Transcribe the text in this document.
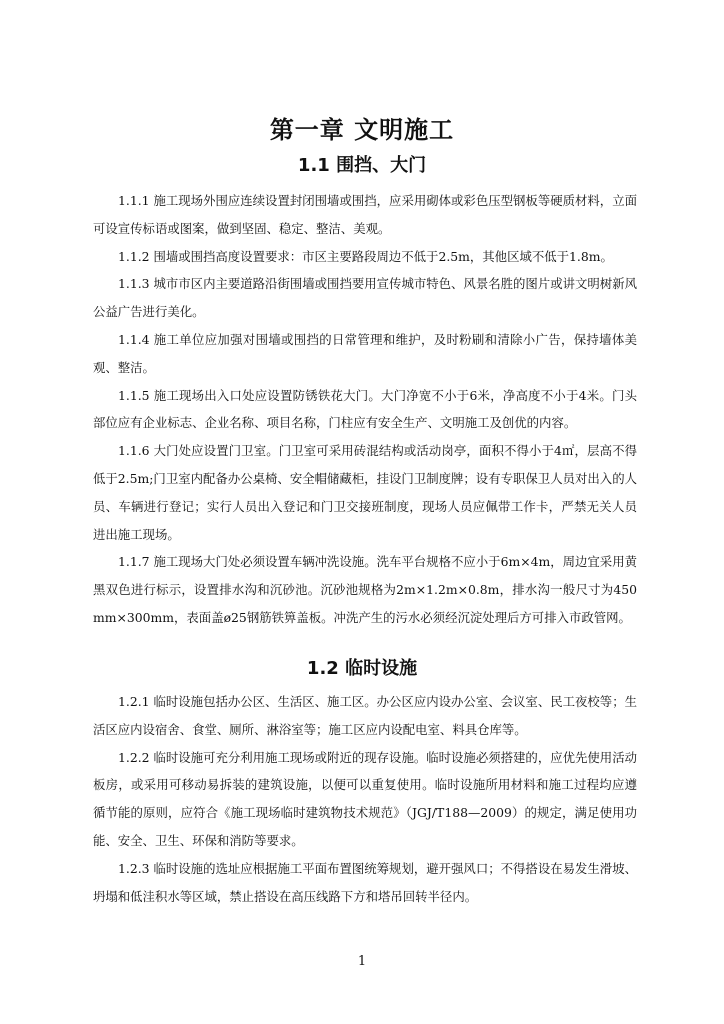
第一章 文明施工
1.1 围挡、大门

1.1.1 施工现场外围应连续设置封闭围墙或围挡，应采用砌体或彩色压型钢板等硬质材料，立面可设宣传标语或图案，做到坚固、稳定、整洁、美观。

1.1.2 围墙或围挡高度设置要求：市区主要路段周边不低于2.5m，其他区域不低于1.8m。

1.1.3 城市市区内主要道路沿街围墙或围挡要用宣传城市特色、风景名胜的图片或讲文明树新风公益广告进行美化。

1.1.4 施工单位应加强对围墙或围挡的日常管理和维护，及时粉刷和清除小广告，保持墙体美观、整洁。

1.1.5 施工现场出入口处应设置防锈铁花大门。大门净宽不小于6米，净高度不小于4米。门头部位应有企业标志、企业名称、项目名称，门柱应有安全生产、文明施工及创优的内容。

1.1.6 大门处应设置门卫室。门卫室可采用砖混结构或活动岗亭，面积不得小于4㎡，层高不得低于2.5m;门卫室内配备办公桌椅、安全帽储藏柜，挂设门卫制度牌；设有专职保卫人员对出入的人员、车辆进行登记；实行人员出入登记和门卫交接班制度，现场人员应佩带工作卡，严禁无关人员进出施工现场。

1.1.7 施工现场大门处必须设置车辆冲洗设施。洗车平台规格不应小于6m×4m，周边宜采用黄黑双色进行标示，设置排水沟和沉砂池。沉砂池规格为2m×1.2m×0.8m，排水沟一般尺寸为450mm×300mm，表面盖ø25钢筋铁箅盖板。冲洗产生的污水必须经沉淀处理后方可排入市政管网。

1.2 临时设施

1.2.1 临时设施包括办公区、生活区、施工区。办公区应内设办公室、会议室、民工夜校等；生活区应内设宿舍、食堂、厕所、淋浴室等；施工区应内设配电室、料具仓库等。

1.2.2 临时设施可充分利用施工现场或附近的现存设施。临时设施必须搭建的，应优先使用活动板房，或采用可移动易拆装的建筑设施，以便可以重复使用。临时设施所用材料和施工过程均应遵循节能的原则，应符合《施工现场临时建筑物技术规范》（JGJ/T188—2009）的规定，满足使用功能、安全、卫生、环保和消防等要求。

1.2.3 临时设施的选址应根据施工平面布置图统筹规划，避开强风口；不得搭设在易发生滑坡、坍塌和低洼积水等区域，禁止搭设在高压线路下方和塔吊回转半径内。

1
